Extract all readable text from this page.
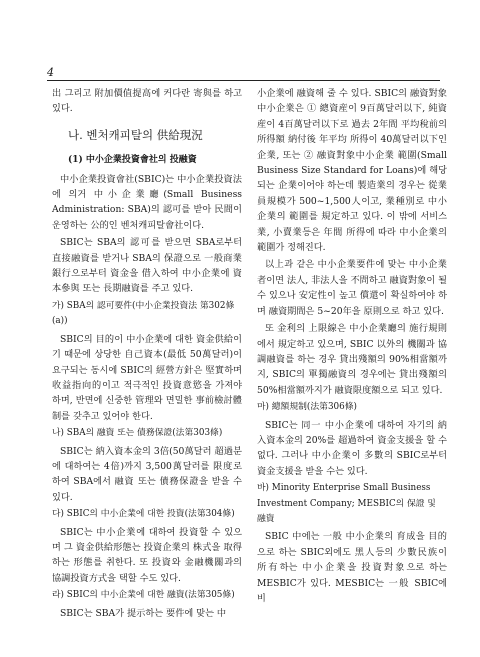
4

出 그리고 附加價值提高에 커다란 寄與를 하고 있다.

나. 벤처캐피탈의 供給現況
(1) 中小企業投資會社의 投融資

中小企業投資會社(SBIC)는 中小企業投資法에 의거 中小企業廳(Small Business Administration: SBA)의 認可를 받아 民間이 운영하는 公的인 벤처캐피탈會社이다.

SBIC는 SBA의 認可를 받으면 SBA로부터 直接融資를 받거나 SBA의 保證으로 一般商業銀行으로부터 資金을 借入하여 中小企業에 資本參與 또는 長期融資를 주고 있다.

가) SBA의 認可要件(中小企業投資法 第302條 (a))

SBIC의 目的이 中小企業에 대한 資金供給이기 때문에 상당한 自己資本(最低 50萬달러)이 요구되는 동시에 SBIC의 經營方針은 堅實하며 收益指向的이고 적극적인 投資意慾을 가져야 하며, 반면에 신중한 管理와 면밀한 事前檢討體制를 갖추고 있어야 한다.

나) SBA의 融資 또는 債務保證(法第303條)

SBIC는 納入資本金의 3倍(50萬달러 超過분에 대하여는 4倍)까지 3,500萬달러를 限度로 하여 SBA에서 融資 또는 債務保證을 받을 수 있다.

다) SBIC의 中小企業에 대한 投資(法第304條)

SBIC는 中小企業에 대하여 投資할 수 있으며 그 資金供給形態는 投資企業의 株式을 取得하는 形態를 취한다. 또 投資와 金融機關과의 協調投資方式을 택할 수도 있다.

라) SBIC의 中小企業에 대한 融資(法第305條)

SBIC는 SBA가 提示하는 要件에 맞는 中

小企業에 融資해 줄 수 있다. SBIC의 融資對象中小企業은 ① 總資産이 9百萬달러以下, 純資産이 4百萬달러以下로 過去 2年間 平均稅前의 所得額 納付後 年平均 所得이 40萬달러以下인 企業, 또는 ② 融資對象中小企業 範圍(Small Business Size Standard for Loans)에 해당되는 企業이어야 하는데 製造業의 경우는 從業員規模가 500~1,500人이고, 業種別로 中小企業의 範圍를 規定하고 있다. 이 밖에 서비스業, 小賣業등은 年間 所得에 따라 中小企業의 範圍가 정해진다.

以上과 같은 中小企業要件에 맞는 中小企業者이면 法人, 非法人을 不問하고 融資對象이 될 수 있으나 安定性이 높고 償還이 확실하여야 하며 融資期間은 5~20年을 原則으로 하고 있다.

또 金利의 上限線은 中小企業廳의 施行規則에서 規定하고 있으며, SBIC 以外의 機關과 協調融資를 하는 경우 貸出殘額의 90%相當額까지, SBIC의 單獨融資의 경우에는 貸出殘額의 50%相當額까지가 融資限度額으로 되고 있다.

마) 總額規制(法第306條)

SBIC는 同一 中小企業에 대하여 자기의 納入資本金의 20%를 超過하여 資金支援을 할 수 없다. 그러나 中小企業이 多數의 SBIC로부터 資金支援을 받을 수는 있다.

바) Minority Enterprise Small Business Investment Company; MESBIC의 保證 및 融資

SBIC 中에는 一般 中小企業의 育成을 目的으로 하는 SBIC외에도 黑人등의 少數民族이 所有하는 中小企業을 投資對象으로 하는 MESBIC가 있다. MESBIC는 一般 SBIC에 비
